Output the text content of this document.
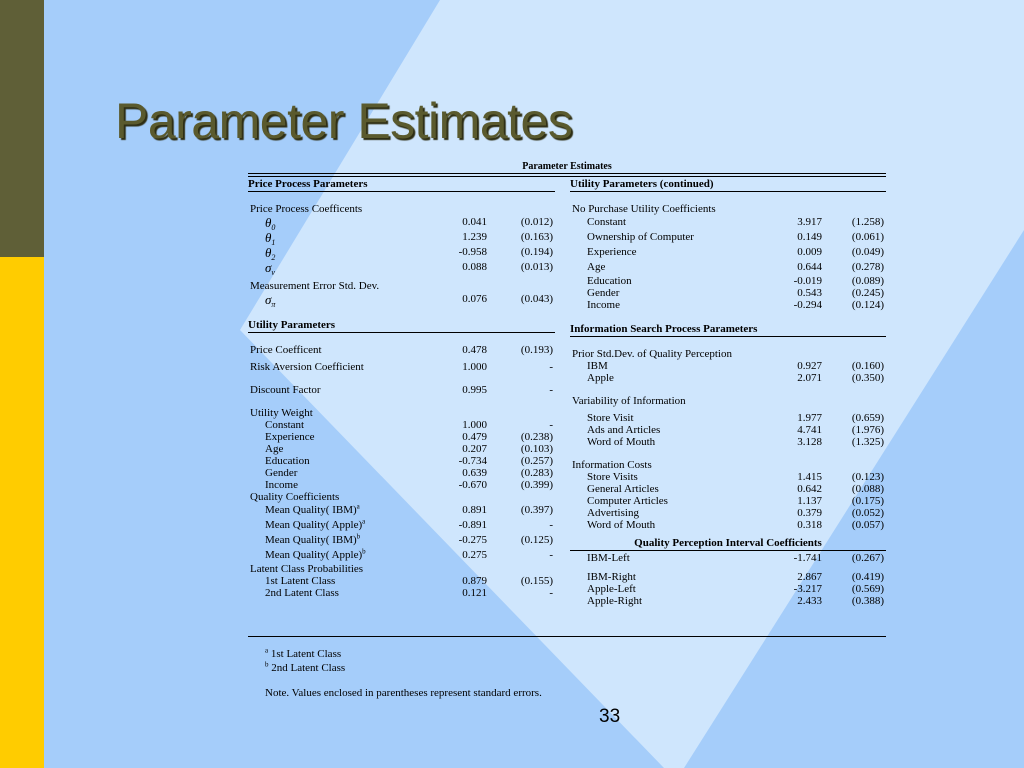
Parameter Estimates
Parameter Estimates
Price Process Parameters
Price Process Coefficents
$\theta_0$	0.041	(0.012)
$\theta_1$	1.239	(0.163)
$\theta_2$	-0.958	(0.194)
$\sigma_\nu$	0.088	(0.013)
Measurement Error Std. Dev.
$\sigma_\pi$	0.076	(0.043)
Utility Parameters
Price Coefficent	0.478	(0.193)
Risk Aversion Coefficient	1.000	-
Discount Factor	0.995	-
Utility Weight
Constant	1.000	-
Experience	0.479	(0.238)
Age	0.207	(0.103)
Education	-0.734	(0.257)
Gender	0.639	(0.283)
Income	-0.670	(0.399)
Quality Coefficients
Mean Quality( IBM)$^a$	0.891	(0.397)
Mean Quality( Apple)$^a$	-0.891	-
Mean Quality( IBM)$^b$	-0.275	(0.125)
Mean Quality( Apple)$^b$	0.275	-
Latent Class Probabilities
1st Latent Class	0.879	(0.155)
2nd Latent Class	0.121	-
Utility Parameters (continued)
No Purchase Utility Coefficients
Constant	3.917	(1.258)
Ownership of Computer	0.149	(0.061)
Experience	0.009	(0.049)
Age	0.644	(0.278)
Education	-0.019	(0.089)
Gender	0.543	(0.245)
Income	-0.294	(0.124)
Information Search Process Parameters
Prior Std.Dev. of Quality Perception
IBM	0.927	(0.160)
Apple	2.071	(0.350)
Variability of Information
Store Visit	1.977	(0.659)
Ads and Articles	4.741	(1.976)
Word of Mouth	3.128	(1.325)
Information Costs
Store Visits	1.415	(0.123)
General Articles	0.642	(0.088)
Computer Articles	1.137	(0.175)
Advertising	0.379	(0.052)
Word of Mouth	0.318	(0.057)
Quality Perception Interval Coefficients
IBM-Left	-1.741	(0.267)
IBM-Right	2.867	(0.419)
Apple-Left	-3.217	(0.569)
Apple-Right	2.433	(0.388)
$^a$ 1st Latent Class
$^b$ 2nd Latent Class
Note. Values enclosed in parentheses represent standard errors.
33
